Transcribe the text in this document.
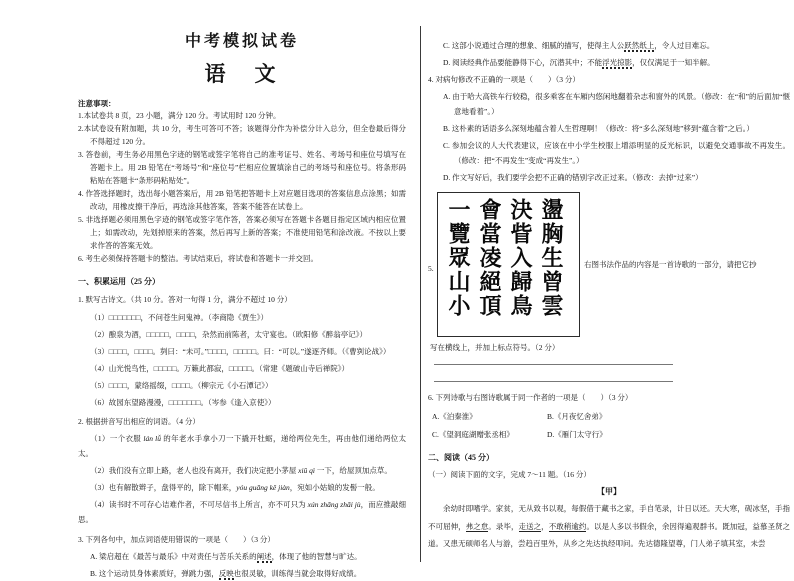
中考模拟试卷
语　文
注意事项：

1.本试卷共 8 页，23 小题，满分 120 分。考试用时 120 分钟。

2.本试卷设有附加题，共 10 分，考生可答可不答；该题得分作为补偿分计入总分，但全卷最后得分不得超过 120 分。

3. 答卷前，考生务必用黑色字迹的钢笔或签字笔将自己的准考证号、姓名、考场号和座位号填写在答题卡上。用 2B 铅笔在“考场号”和“座位号”栏相应位置填涂自己的考场号和座位号。将条形码粘贴在答题卡“条形码粘贴处”。

4. 作答选择题时，选出每小题答案后，用 2B 铅笔把答题卡上对应题目选项的答案信息点涂黑；如需改动，用橡皮擦干净后，再选涂其他答案，答案不能答在试卷上。

5. 非选择题必须用黑色字迹的钢笔或签字笔作答，答案必须写在答题卡各题目指定区域内相应位置上；如需改动，先划掉原来的答案，然后再写上新的答案；不准使用铅笔和涂改液。不按以上要求作答的答案无效。

6. 考生必须保持答题卡的整洁。考试结束后，将试卷和答题卡一并交回。

一、积累运用（25 分）
1. 默写古诗文。（共 10 分。答对一句得 1 分，满分不超过 10 分）
（1）□□□□□□□，不问苍生问鬼神。（李商隐《贾生》）
（2）酿泉为酒，□□□□□，□□□□，杂然而前陈者，太守宴也。（欧阳修《醉翁亭记》）
（3）□□□□，□□□□。刿曰：“未可。”□□□□，□□□□□。曰：“可以。”遂逐齐师。（《曹刿论战》）
（4）山光悦鸟性，□□□□□。万籁此都寂，□□□□□。（常建《题破山寺后禅院》）
（5）□□□□，蒙络摇缀，□□□□。（柳宗元《小石潭记》）
（6）故园东望路漫漫，□□□□□□□。（岑参《逢入京使》）
2. 根据拼音写出相应的词语。（4 分）
（1）一个衣服 lán lǚ 的年老水手拿小刀一下撬开牡蛎，递给两位先生，再由他们递给两位太太。
（2）我们没有立即上路，老人也没有离开，我们决定把小茅屋 xiū qì 一下，给屋顶加点草。
（3）也有解散辫子，盘得平的，除下帽来，yóu guāng kě jiàn，宛如小姑娘的发髻一般。
（4）读书时不可存心诘难作者，不可尽信书上所言，亦不可只为 xún zhāng zhāi jù，而应推敲细思。
3. 下列各句中，加点词语使用错误的一项是（　　）（3 分）
A. 梁启超在《最苦与最乐》中对责任与苦乐关系的阐述，体现了他的智慧与旷达。
B. 这个运动员身体素质好，弹跳力强，反映也很灵敏，训练得当就会取得好成绩。
C. 这部小说通过合理的想象、细腻的描写，使得主人公跃然纸上，令人过目难忘。
D. 阅读经典作品要能静得下心，沉潜其中；不能浮光掠影，仅仅满足于一知半解。
4. 对病句修改不正确的一项是（　　）（3 分）
A. 由于哈大高铁车行较稳，很多乘客在车厢内悠闲地翻着杂志和窗外的风景。（修改：在“和”的后面加“惬意地看着”。）
B. 这朴素的话语多么深刻地蕴含着人生哲理啊！（修改：将“多么深刻地”移到“蕴含着”之后。）
C. 参加会议的人大代表建议，应该在中小学生校服上增添明显的反光标识，以避免交通事故不再发生。（修改：把“不再发生”变成“再发生”。）
D. 作文写好后，我们要学会把不正确的错别字改正过来。（修改：去掉“过来”）
5.	盪胸生曾雲
決眥入歸鳥
會當凌絕頂
一覽眾山小	右图书法作品的内容是一首诗歌的一部分，请把它抄
写在横线上，并加上标点符号。（2 分）
6. 下列诗歌与右图诗歌属于同一作者的一项是（　　）（3 分）
A.《泊秦淮》	B.《月夜忆舍弟》
C.《望洞庭湖赠张丞相》	D.《雁门太守行》
二、阅读（45 分）
（一）阅读下面的文字，完成 7～11 题。（16 分）
【甲】

余幼时即嗜学。家贫，无从致书以观，每假借于藏书之家，手自笔录，计日以还。天大寒，砚冰坚，手指不可屈伸，弗之怠。录毕，走送之，不敢稍逾约。以是人多以书假余，余因得遍观群书。既加冠，益慕圣贤之道。又患无硕师名人与游，尝趋百里外，从乡之先达执经叩问。先达德隆望尊，门人弟子填其室，未尝
